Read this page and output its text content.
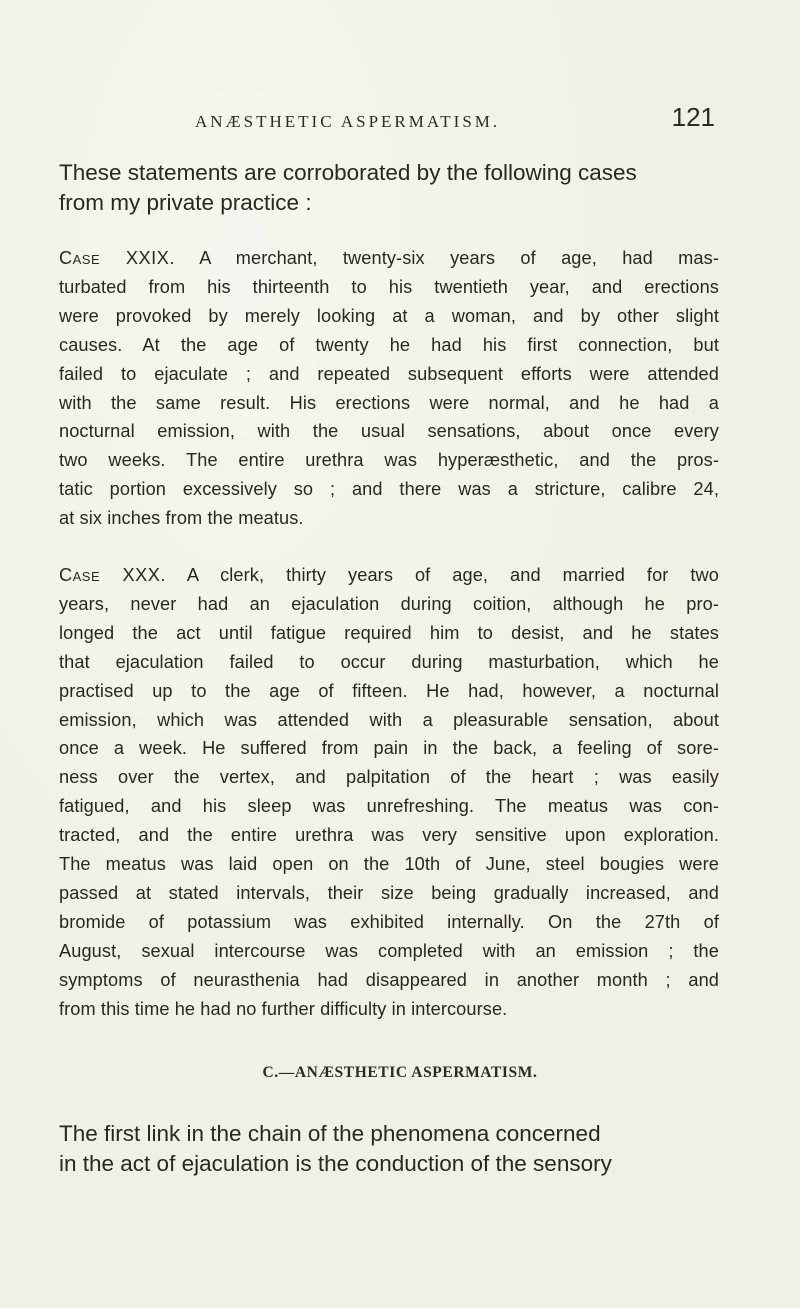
ANÆSTHETIC ASPERMATISM.	121

These statements are corroborated by the following cases
from my private practice :

Case XXIX. A merchant, twenty-six years of age, had mas-
turbated from his thirteenth to his twentieth year, and erections
were provoked by merely looking at a woman, and by other slight
causes. At the age of twenty he had his first connection, but
failed to ejaculate ; and repeated subsequent efforts were attended
with the same result. His erections were normal, and he had a
nocturnal emission, with the usual sensations, about once every
two weeks. The entire urethra was hyperæsthetic, and the pros-
tatic portion excessively so ; and there was a stricture, calibre 24,
at six inches from the meatus.

Case XXX. A clerk, thirty years of age, and married for two
years, never had an ejaculation during coition, although he pro-
longed the act until fatigue required him to desist, and he states
that ejaculation failed to occur during masturbation, which he
practised up to the age of fifteen. He had, however, a nocturnal
emission, which was attended with a pleasurable sensation, about
once a week. He suffered from pain in the back, a feeling of sore-
ness over the vertex, and palpitation of the heart ; was easily
fatigued, and his sleep was unrefreshing. The meatus was con-
tracted, and the entire urethra was very sensitive upon exploration.
The meatus was laid open on the 10th of June, steel bougies were
passed at stated intervals, their size being gradually increased, and
bromide of potassium was exhibited internally. On the 27th of
August, sexual intercourse was completed with an emission ; the
symptoms of neurasthenia had disappeared in another month ; and
from this time he had no further difficulty in intercourse.

C.—ANÆSTHETIC ASPERMATISM.

The first link in the chain of the phenomena concerned
in the act of ejaculation is the conduction of the sensory
